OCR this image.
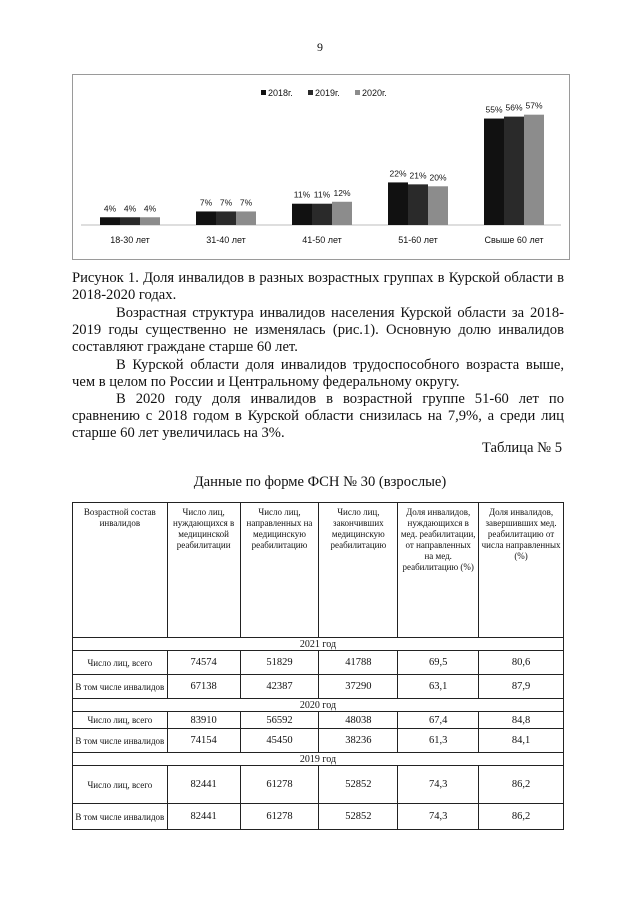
9
2018г. 2019г. 2020г.
4% 4% 4%
18-30 лет
7% 7% 7%
31-40 лет
11% 11% 12%
41-50 лет
22% 21% 20%
51-60 лет
55% 56% 57%
Свыше 60 лет

Рисунок 1. Доля инвалидов в разных возрастных группах в Курской области в 2018-2020 годах.

Возрастная структура инвалидов населения Курской области за 2018-2019 годы существенно не изменялась (рис.1). Основную долю инвалидов составляют граждане старше 60 лет.

В Курской области доля инвалидов трудоспособного возраста выше, чем в целом по России и Центральному федеральному округу.

В 2020 году доля инвалидов в возрастной группе 51-60 лет по сравнению с 2018 годом в Курской области снизилась на 7,9%, а среди лиц старше 60 лет увеличилась на 3%.

Таблица № 5
Данные по форме ФСН № 30 (взрослые)
Возрастной состав инвалидов	Число лиц, нуждающихся в медицинской реабилитации	Число лиц, направленных на медицинскую реабилитацию	Число лиц, закончивших медицинскую реабилитацию	Доля инвалидов, нуждающихся в мед. реабилитации, от направленных на мед. реабилитацию (%)	Доля инвалидов, завершивших мед. реабилитацию от числа направленных (%)
2021 год					
Число лиц, всего	74574	51829	41788	69,5	80,6
В том числе инвалидов	67138	42387	37290	63,1	87,9
2020 год					
Число лиц, всего	83910	56592	48038	67,4	84,8
В том числе инвалидов	74154	45450	38236	61,3	84,1
2019 год					
Число лиц, всего	82441	61278	52852	74,3	86,2
В том числе инвалидов	82441	61278	52852	74,3	86,2
